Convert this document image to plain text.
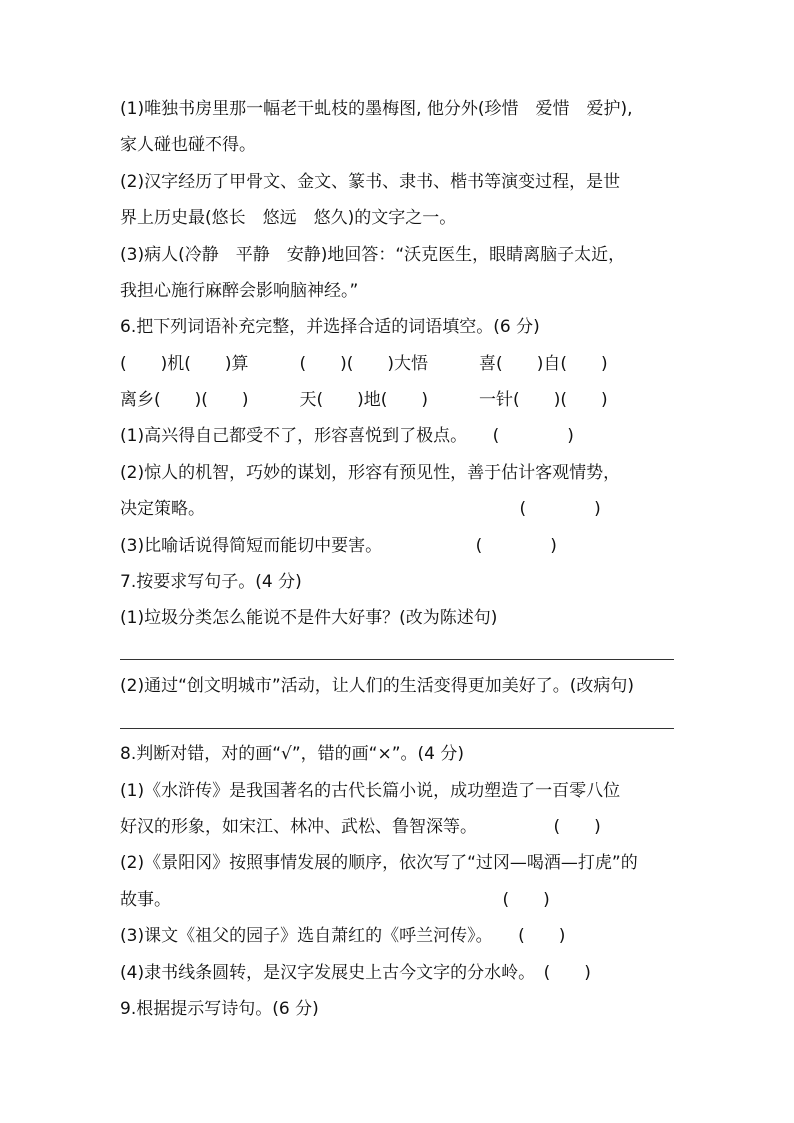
(1)唯独书房里那一幅老干虬枝的墨梅图, 他分外(珍惜　爱惜　爱护),
家人碰也碰不得。
(2)汉字经历了甲骨文、金文、篆书、隶书、楷书等演变过程，是世
界上历史最(悠长　悠远　悠久)的文字之一。
(3)病人(冷静　平静　安静)地回答：“沃克医生，眼睛离脑子太近，
我担心施行麻醉会影响脑神经。”
6.把下列词语补充完整，并选择合适的词语填空。(6 分)
(　　)机(　　)算　　　(　　)(　　)大悟　　　喜(　　)自(　　)
离乡(　　)(　　)　　　天(　　)地(　　)　　　一针(　　)(　　)
(1)高兴得自己都受不了，形容喜悦到了极点。　　(　　　　)
(2)惊人的机智，巧妙的谋划，形容有预见性，善于估计客观情势，
决定策略。　　　　　　　　　　　　　　　　　　　(　　　　)
(3)比喻话说得简短而能切中要害。　　　　　　(　　　　)
7.按要求写句子。(4 分)
(1)垃圾分类怎么能说不是件大好事？(改为陈述句)
(2)通过“创文明城市”活动，让人们的生活变得更加美好了。(改病句)
8.判断对错，对的画“√”，错的画“×”。(4 分)
(1)《水浒传》是我国著名的古代长篇小说，成功塑造了一百零八位
好汉的形象，如宋江、林冲、武松、鲁智深等。　　　　　(　　)
(2)《景阳冈》按照事情发展的顺序，依次写了“过冈—喝酒—打虎”的
故事。　　　　　　　　　　　　　　　　　　　　(　　)
(3)课文《祖父的园子》选自萧红的《呼兰河传》。　　(　　)
(4)隶书线条圆转，是汉字发展史上古今文字的分水岭。　(　　)
9.根据提示写诗句。(6 分)
